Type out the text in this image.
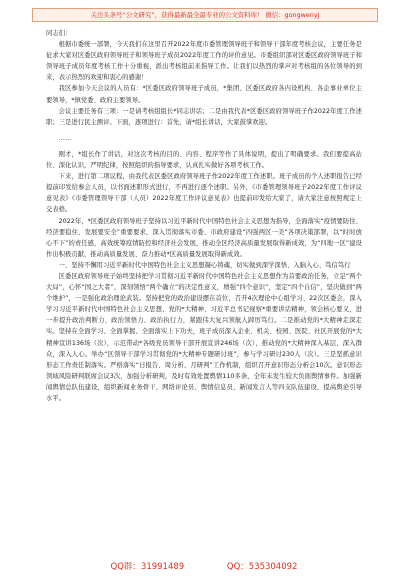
关注头条号“公文研究”，获得最新最全最专业的公文资料库！ 微信：gongwenyj

同志们：

根据市委统一部署，今天我们在这里召开2022年度市委管理领导班子和领导干部年度考核会议，主要任务是征求大家对区委区政府领导班子和领导班子成员2022年度工作的评价意见。市委组织部对区委区政府领导班子和领导班子成员年度考核工作十分重视，派出考核组前来指导工作。让我们以热烈的掌声对考核组的各位领导的到来，表示热烈的欢迎和衷心的感谢！

我区参加今天会议的人员有：*区委区政府领导班子成员，*集团、区委区政府各内设机构、各企事业单位主要领导，*镇党委、政府主要领导。

会议主要任务有三项：一是请考核组组长*同志讲话；二是由我代表*区委区政府领导班子作2022年度工作述职；三是进行民主测评。下面，逐项进行：首先，请*组长讲话，大家鼓掌欢迎。

……

刚才，*组长作了讲话，对这次考核的目的、内容、程序等作了具体说明，提出了明确要求。我们要提高站位、深化认识，严明纪律，按照组织的指导要求，认真扎实做好各项考核工作。

下来，进行第二项议程，由我代表区委区政府领导班子作2022年度工作述职。班子成员的个人述职报告已经提前印发给参会人员，以书面述职形式进行，不再进行逐个述职。另外，《市委管理领导班子2022年度工作评议意见表》《市委管理领导干部（人员）2022年度工作评议意见表》也提前印发给大家了，请大家注意按照规定上交表格。

2022年，*区委区政府领导班子坚持以习近平新时代中国特色社会主义思想为指导，全面落实“疫情要防住、经济要稳住、发展要安全”重要要求，深入贯彻落实市委、市政府建设“四强两区一美”各项决策部署，以“时时放心不下”的责任感，高效统筹疫情防控和经济社会发展，推动全区经济高质量发展取得新成效，为“四地一区”建设作出积极贡献，推动高质量发展、奋力推动*区高质量发展取得新成效。

一、坚持不懈用习近平新时代中国特色社会主义思想凝心铸魂，切实做到深学深悟、入脑入心、笃信笃行

区委区政府领导班子始终坚持把学习贯彻习近平新时代中国特色社会主义思想作为首要政治任务，立足“两个大局”，心怀“国之大者”，深刻领悟“两个确立”的决定性意义，增强“四个意识”，坚定“四个自信”，坚决做到“两个维护”，一是强化政治理论武装。坚持把党的政治建设摆在首位，召开4次理论中心组学习、22次区委会，深入学习习近平新时代中国特色社会主义思想、党的*大精神、习近平总书记视察*重要讲话精神，领会核心要义，进一步提升政治判断力、政治领悟力、政治执行力，紧跟伟大复兴领航人踔厉笃行。二是推动党的*大精神走深走实。坚持在全面学习、全面掌握、全面落实上下功夫，班子成员深入企业、机关、校园、医院、社区开展党的*大精神宣讲136场（次），示范带动*各级党员领导干部开展宣讲246场（次），推动党的*大精神深入基层、深入群众，深入人心。举办“区领导干部学习贯彻党的*大精神专题研讨班”，参与学习研讨230人（次）。三是坚抓意识形态工作责任制落实。严格落实“日报告、周分析、月研判”工作机制，组织召开意识形态分析会10次。意识形态领域风险研判联席会议3次，加强分析研判，及时有效处置舆情110多条，全年未发生较大负面舆情事件。加强新闻舆情总队伍建设，组织新闻业务骨干、网络评论员、舆情信息员、新闻发言人等四支队伍建设，提高舆论引导水平。

QQ群：31991489	QQ：535304092
